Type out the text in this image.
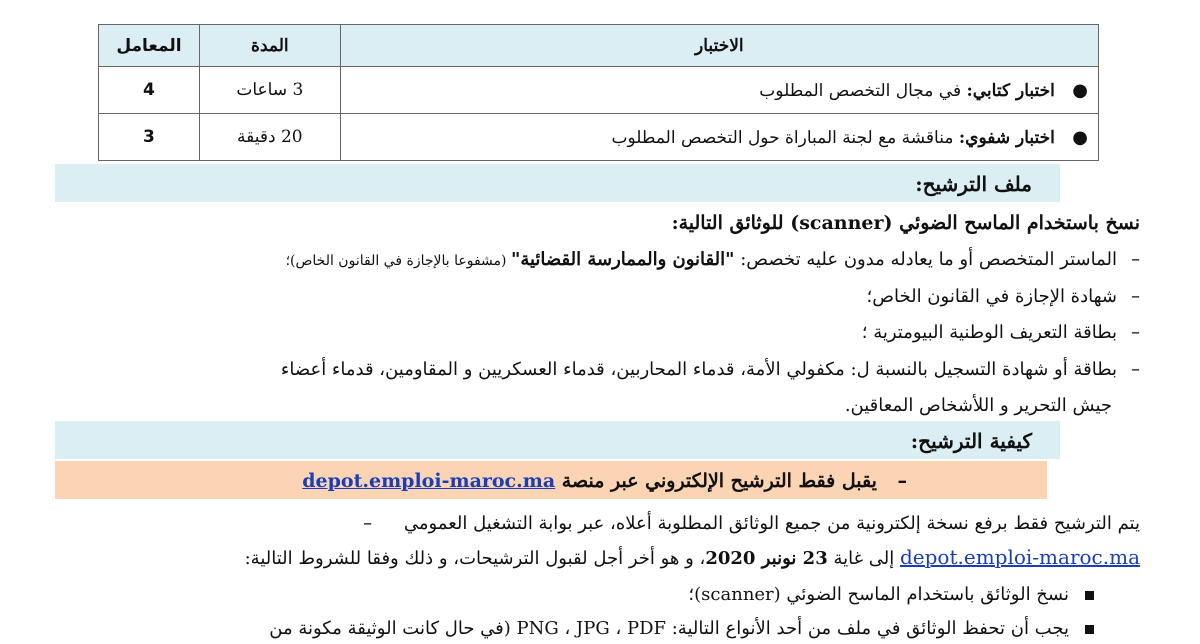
الاختبار	المدة	المعامل
● اختبار كتابي: في مجال التخصص المطلوب	3 ساعات	4
● اختبار شفوي: مناقشة مع لجنة المباراة حول التخصص المطلوب	20 دقيقة	3
ملف الترشيح:
نسخ باستخدام الماسح الضوئي (scanner) للوثائق التالية:
–الماستر المتخصص أو ما يعادله مدون عليه تخصص: "القانون والممارسة القضائية" (مشفوعا بالإجازة في القانون الخاص)؛
–شهادة الإجازة في القانون الخاص؛
–بطاقة التعريف الوطنية البيومترية ؛
–بطاقة أو شهادة التسجيل بالنسبة ل: مكفولي الأمة، قدماء المحاربين، قدماء العسكريين و المقاومين، قدماء أعضاء
جيش التحرير و اللأشخاص المعاقين.
كيفية الترشيح:
– يقبل فقط الترشيح الإلكتروني عبر منصة depot.emploi-maroc.ma
يتم الترشيح فقط برفع نسخة إلكترونية من جميع الوثائق المطلوبة أعلاه، عبر بوابة التشغيل العمومي –
depot.emploi-maroc.ma إلى غاية 23 نونبر 2020، و هو أخر أجل لقبول الترشيحات، و ذلك وفقا للشروط التالية:
نسخ الوثائق باستخدام الماسح الضوئي (scanner)؛
يجب أن تحفظ الوثائق في ملف من أحد الأنواع التالية: PNG ، JPG ، PDF (في حال كانت الوثيقة مكونة من
